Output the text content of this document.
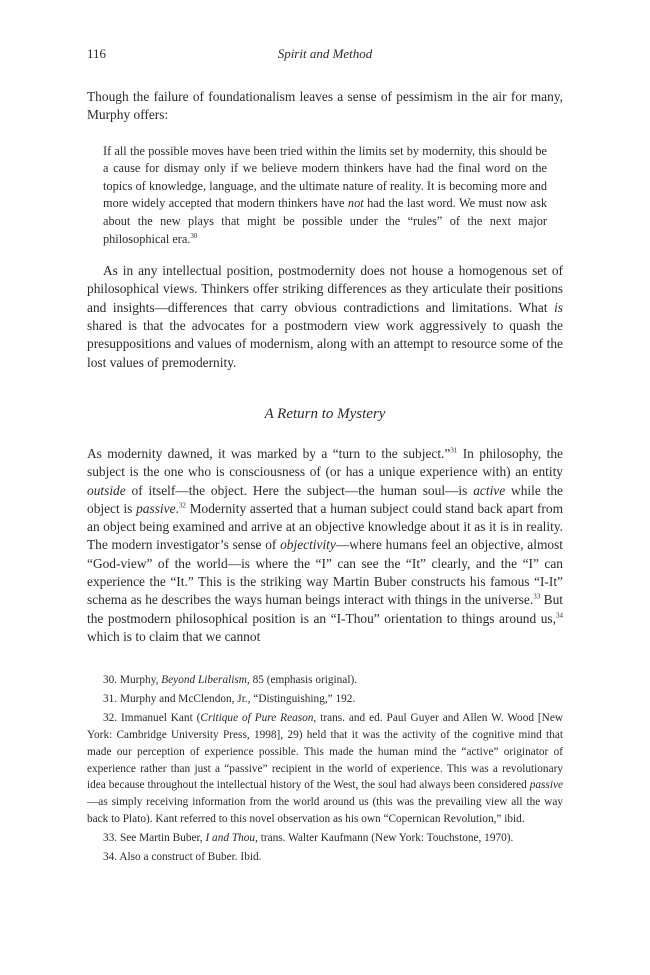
116	Spirit and Method

Though the failure of foundationalism leaves a sense of pessimism in the air for many, Murphy offers:

If all the possible moves have been tried within the limits set by modernity, this should be a cause for dismay only if we believe modern thinkers have had the final word on the topics of knowledge, language, and the ultimate nature of reality. It is becoming more and more widely accepted that modern thinkers have not had the last word. We must now ask about the new plays that might be possible under the “rules” of the next major philosophical era.$^{30}$

As in any intellectual position, postmodernity does not house a homogenous set of philosophical views. Thinkers offer striking differences as they articulate their positions and insights—differences that carry obvious contradictions and limitations. What is shared is that the advocates for a postmodern view work aggressively to quash the presuppositions and values of modernism, along with an attempt to resource some of the lost values of premodernity.

A Return to Mystery

As modernity dawned, it was marked by a “turn to the subject.”$^{31}$ In philosophy, the subject is the one who is consciousness of (or has a unique experience with) an entity outside of itself—the object. Here the subject—the human soul—is active while the object is passive.$^{32}$ Modernity asserted that a human subject could stand back apart from an object being examined and arrive at an objective knowledge about it as it is in reality. The modern investigator’s sense of objectivity—where humans feel an objective, almost “God-view” of the world—is where the “I” can see the “It” clearly, and the “I” can experience the “It.” This is the striking way Martin Buber constructs his famous “I-It” schema as he describes the ways human beings interact with things in the universe.$^{33}$ But the postmodern philosophical position is an “I-Thou” orientation to things around us,$^{34}$ which is to claim that we cannot

30. Murphy, Beyond Liberalism, 85 (emphasis original).

31. Murphy and McClendon, Jr., “Distinguishing,” 192.

32. Immanuel Kant (Critique of Pure Reason, trans. and ed. Paul Guyer and Allen W. Wood [New York: Cambridge University Press, 1998], 29) held that it was the activity of the cognitive mind that made our perception of experience possible. This made the human mind the “active” originator of experience rather than just a “passive” recipient in the world of experience. This was a revolutionary idea because throughout the intellectual history of the West, the soul had always been considered passive—as simply receiving information from the world around us (this was the prevailing view all the way back to Plato). Kant referred to this novel observation as his own “Copernican Revolution,” ibid.

33. See Martin Buber, I and Thou, trans. Walter Kaufmann (New York: Touchstone, 1970).

34. Also a construct of Buber. Ibid.
